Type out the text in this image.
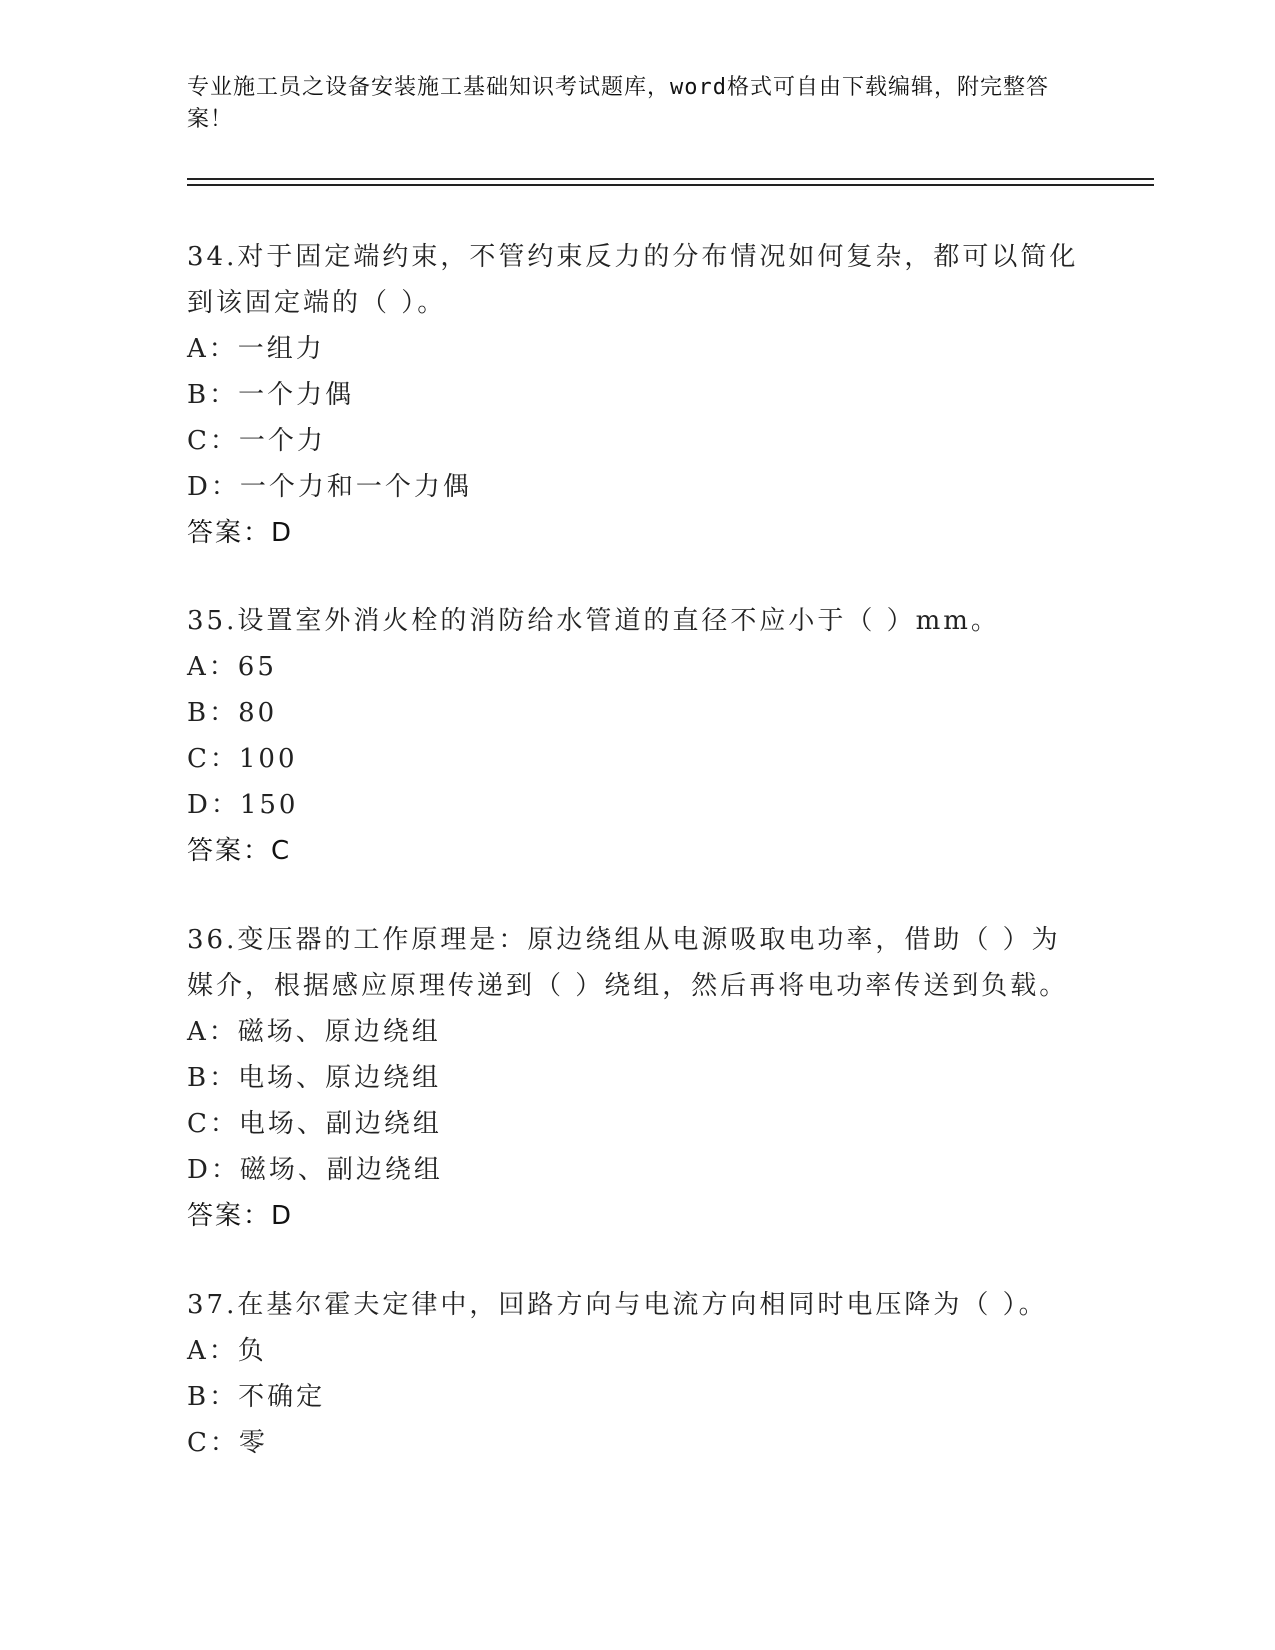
专业施工员之设备安装施工基础知识考试题库，word格式可自由下载编辑，附完整答案！
34.对于固定端约束，不管约束反力的分布情况如何复杂，都可以简化到该固定端的（ ）。
A：一组力
B：一个力偶
C：一个力
D：一个力和一个力偶
答案：D
35.设置室外消火栓的消防给水管道的直径不应小于（ ）mm。
A：65
B：80
C：100
D：150
答案：C
36.变压器的工作原理是：原边绕组从电源吸取电功率，借助（ ）为媒介，根据感应原理传递到（ ）绕组，然后再将电功率传送到负载。
A：磁场、原边绕组
B：电场、原边绕组
C：电场、副边绕组
D：磁场、副边绕组
答案：D
37.在基尔霍夫定律中，回路方向与电流方向相同时电压降为（ ）。
A：负
B：不确定
C：零
